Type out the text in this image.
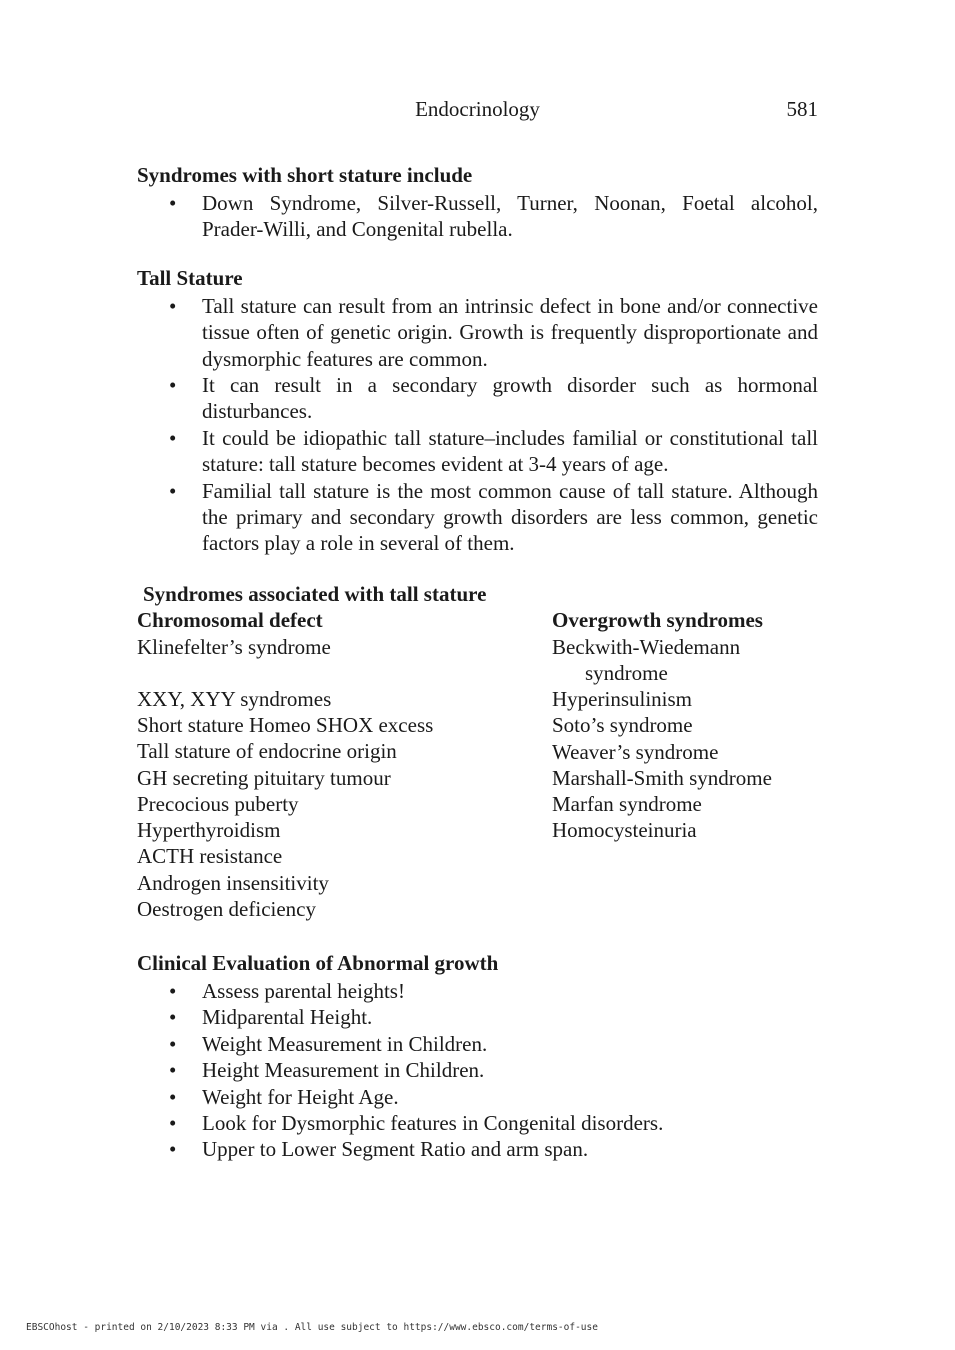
Endocrinology	581
Syndromes with short stature include
• Down Syndrome, Silver-Russell, Turner, Noonan, Foetal alcohol, Prader-Willi, and Congenital rubella.
Tall Stature
• Tall stature can result from an intrinsic defect in bone and/or connective tissue often of genetic origin. Growth is frequently disproportionate and dysmorphic features are common.
• It can result in a secondary growth disorder such as hormonal disturbances.
• It could be idiopathic tall stature–includes familial or constitutional tall stature: tall stature becomes evident at 3-4 years of age.
• Familial tall stature is the most common cause of tall stature. Although the primary and secondary growth disorders are less common, genetic factors play a role in several of them.
Syndromes associated with tall stature
Chromosomal defect
Klinefelter’s syndrome
XXY, XYY syndromes
Short stature Homeo SHOX excess
Tall stature of endocrine origin
GH secreting pituitary tumour
Precocious puberty
Hyperthyroidism
ACTH resistance
Androgen insensitivity
Oestrogen deficiency
Overgrowth syndromes
Beckwith-Wiedemann
syndrome
Hyperinsulinism
Soto’s syndrome
Weaver’s syndrome
Marshall-Smith syndrome
Marfan syndrome
Homocysteinuria
Clinical Evaluation of Abnormal growth
• Assess parental heights!
• Midparental Height.
• Weight Measurement in Children.
• Height Measurement in Children.
• Weight for Height Age.
• Look for Dysmorphic features in Congenital disorders.
• Upper to Lower Segment Ratio and arm span.
EBSCOhost - printed on 2/10/2023 8:33 PM via . All use subject to https://www.ebsco.com/terms-of-use
